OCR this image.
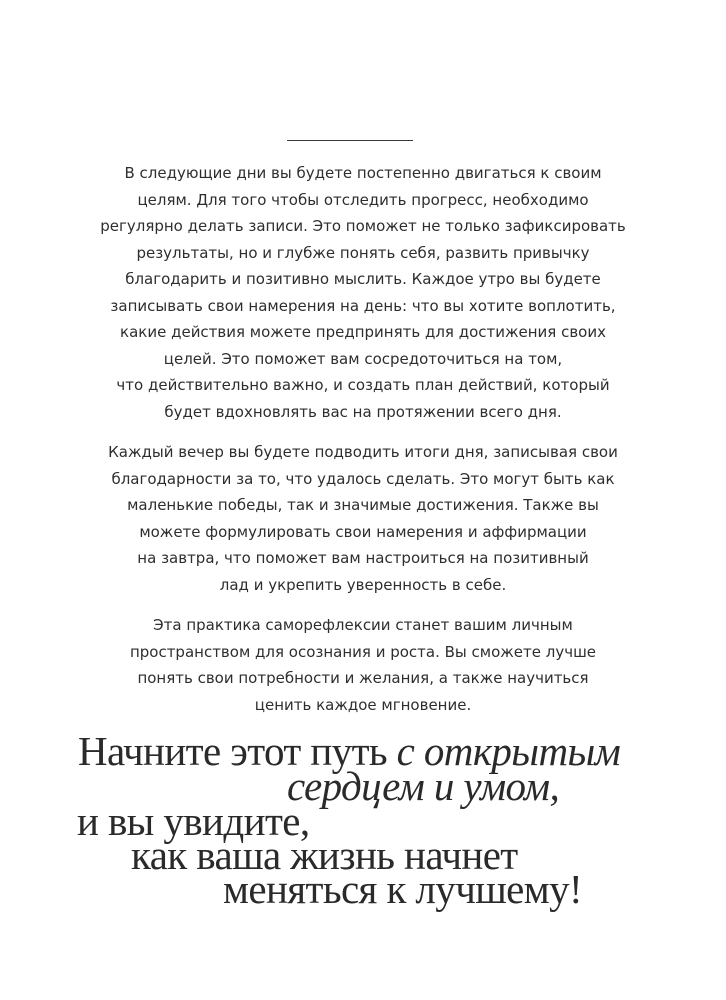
В следующие дни вы будете постепенно двигаться к своим
целям. Для того чтобы отследить прогресс, необходимо
регулярно делать записи. Это поможет не только зафиксировать
результаты, но и глубже понять себя, развить привычку
благодарить и позитивно мыслить. Каждое утро вы будете
записывать свои намерения на день: что вы хотите воплотить,
какие действия можете предпринять для достижения своих
целей. Это поможет вам сосредоточиться на том,
что действительно важно, и создать план действий, который
будет вдохновлять вас на протяжении всего дня.
Каждый вечер вы будете подводить итоги дня, записывая свои
благодарности за то, что удалось сделать. Это могут быть как
маленькие победы, так и значимые достижения. Также вы
можете формулировать свои намерения и аффирмации
на завтра, что поможет вам настроиться на позитивный
лад и укрепить уверенность в себе.
Эта практика саморефлексии станет вашим личным
пространством для осознания и роста. Вы сможете лучше
понять свои потребности и желания, а также научиться
ценить каждое мгновение.
Начните этот путь с открытым
сердцем и умом,
и вы увидите,
как ваша жизнь начнет
меняться к лучшему!
